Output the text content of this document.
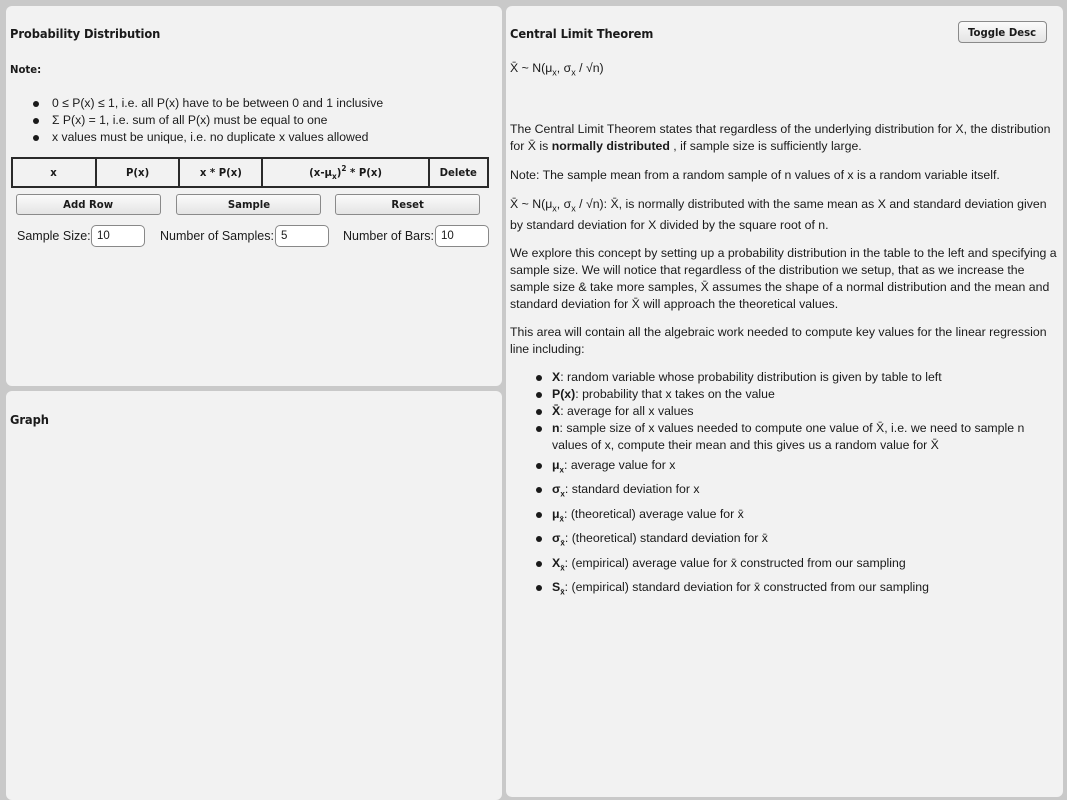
Probability Distribution
Note:
0 ≤ P(x) ≤ 1, i.e. all P(x) have to be between 0 and 1 inclusive
Σ P(x) = 1, i.e. sum of all P(x) must be equal to one
x values must be unique, i.e. no duplicate x values allowed
x	P(x)	x * P(x)	$(x-\mu_x)^2 * P(x)$	Delete
Add Row	Sample	Reset
Sample Size: 10	Number of Samples: 5	Number of Bars: 10
Graph
Central Limit Theorem	Toggle Desc
X̄ ~ $N(\mu_x$, $\sigma_x / √n$)
The Central Limit Theorem states that regardless of the underlying distribution for X, the distribution for X̄ is normally distributed , if sample size is sufficiently large.
Note: The sample mean from a random sample of n values of x is a random variable itself.
X̄ ~ $N(\mu_x$, $\sigma_x / √n$): X̄, is normally distributed with the same mean as X and standard deviation given by standard deviation for X divided by the square root of n.
We explore this concept by setting up a probability distribution in the table to the left and specifying a sample size. We will notice that regardless of the distribution we setup, that as we increase the sample size & take more samples, X̄ assumes the shape of a normal distribution and the mean and standard deviation for X̄ will approach the theoretical values.
This area will contain all the algebraic work needed to compute key values for the linear regression line including:
X: random variable whose probability distribution is given by table to left
P(x): probability that x takes on the value
X̄: average for all x values
n: sample size of x values needed to compute one value of X̄, i.e. we need to sample n values of x, compute their mean and this gives us a random value for X̄
$\mu_x$: average value for x
$\sigma_x$: standard deviation for x
$\mu_{x̄}$: (theoretical) average value for x̄
$\sigma_{x̄}$: (theoretical) standard deviation for x̄
$X_{x̄}$: (empirical) average value for x̄ constructed from our sampling
$S_{x̄}$: (empirical) standard deviation for x̄ constructed from our sampling
